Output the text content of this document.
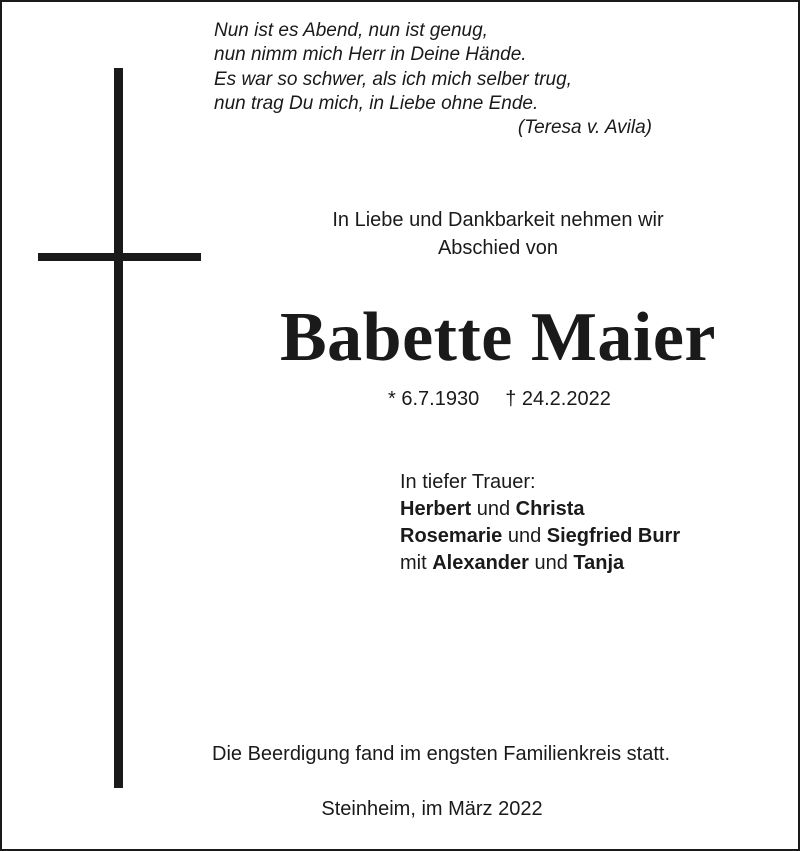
Nun ist es Abend, nun ist genug,
nun nimm mich Herr in Deine Hände.
Es war so schwer, als ich mich selber trug,
nun trag Du mich, in Liebe ohne Ende.
(Teresa v. Avila)
In Liebe und Dankbarkeit nehmen wir
Abschied von
Babette Maier
* 6.7.1930 † 24.2.2022
In tiefer Trauer:
Herbert und Christa
Rosemarie und Siegfried Burr
mit Alexander und Tanja
Die Beerdigung fand im engsten Familienkreis statt.
Steinheim, im März 2022
